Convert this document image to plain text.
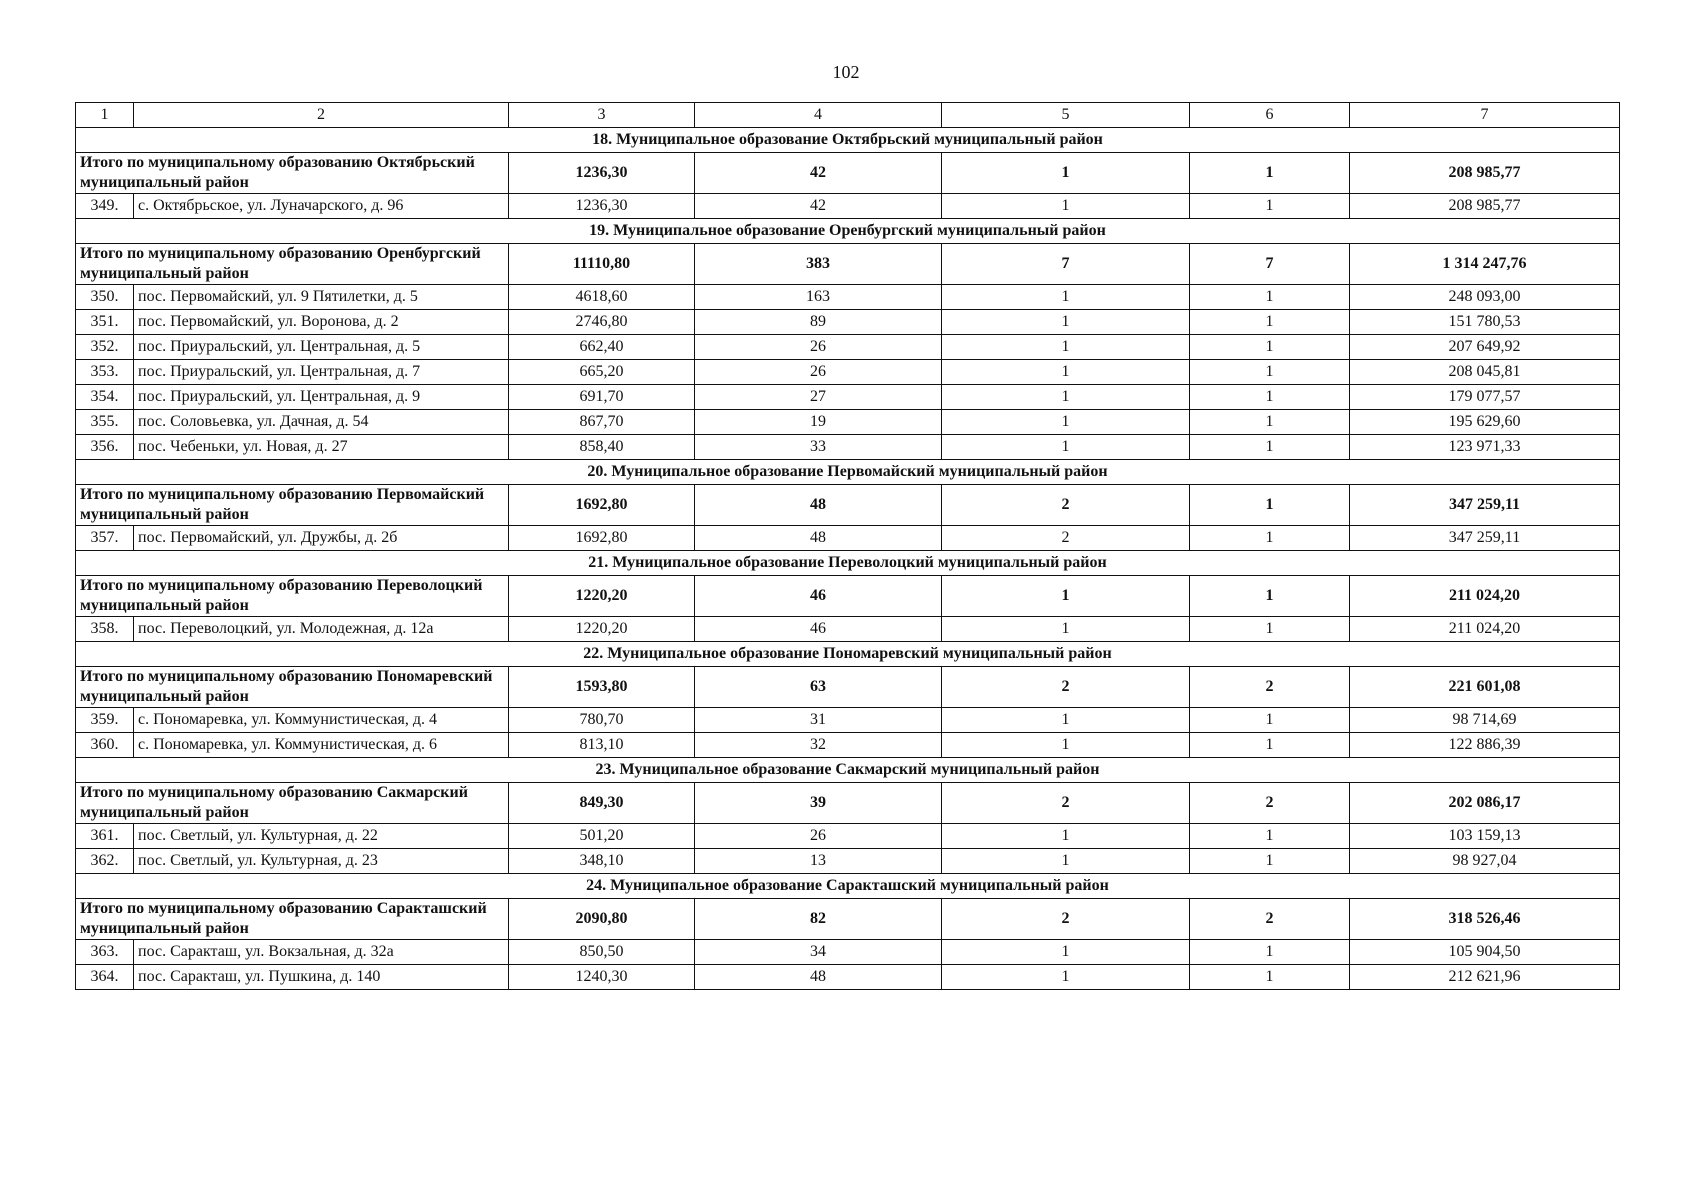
102
1	2	3	4	5	6	7
18. Муниципальное образование Октябрьский муниципальный район						
Итого по муниципальному образованию Октябрьский муниципальный район		1236,30	42	1	1	208 985,77
349.	с. Октябрьское, ул. Луначарского, д. 96	1236,30	42	1	1	208 985,77
19. Муниципальное образование Оренбургский муниципальный район						
Итого по муниципальному образованию Оренбургский муниципальный район		11110,80	383	7	7	1 314 247,76
350.	пос. Первомайский, ул. 9 Пятилетки, д. 5	4618,60	163	1	1	248 093,00
351.	пос. Первомайский, ул. Воронова, д. 2	2746,80	89	1	1	151 780,53
352.	пос. Приуральский, ул. Центральная, д. 5	662,40	26	1	1	207 649,92
353.	пос. Приуральский, ул. Центральная, д. 7	665,20	26	1	1	208 045,81
354.	пос. Приуральский, ул. Центральная, д. 9	691,70	27	1	1	179 077,57
355.	пос. Соловьевка, ул. Дачная, д. 54	867,70	19	1	1	195 629,60
356.	пос. Чебеньки, ул. Новая, д. 27	858,40	33	1	1	123 971,33
20. Муниципальное образование Первомайский муниципальный район						
Итого по муниципальному образованию Первомайский муниципальный район		1692,80	48	2	1	347 259,11
357.	пос. Первомайский, ул. Дружбы, д. 2б	1692,80	48	2	1	347 259,11
21. Муниципальное образование Переволоцкий муниципальный район						
Итого по муниципальному образованию Переволоцкий муниципальный район		1220,20	46	1	1	211 024,20
358.	пос. Переволоцкий, ул. Молодежная, д. 12а	1220,20	46	1	1	211 024,20
22. Муниципальное образование Пономаревский муниципальный район						
Итого по муниципальному образованию Пономаревский муниципальный район		1593,80	63	2	2	221 601,08
359.	с. Пономаревка, ул. Коммунистическая, д. 4	780,70	31	1	1	98 714,69
360.	с. Пономаревка, ул. Коммунистическая, д. 6	813,10	32	1	1	122 886,39
23. Муниципальное образование Сакмарский муниципальный район						
Итого по муниципальному образованию Сакмарский муниципальный район		849,30	39	2	2	202 086,17
361.	пос. Светлый, ул. Культурная, д. 22	501,20	26	1	1	103 159,13
362.	пос. Светлый, ул. Культурная, д. 23	348,10	13	1	1	98 927,04
24. Муниципальное образование Саракташский муниципальный район						
Итого по муниципальному образованию Саракташский муниципальный район		2090,80	82	2	2	318 526,46
363.	пос. Саракташ, ул. Вокзальная, д. 32а	850,50	34	1	1	105 904,50
364.	пос. Саракташ, ул. Пушкина, д. 140	1240,30	48	1	1	212 621,96
